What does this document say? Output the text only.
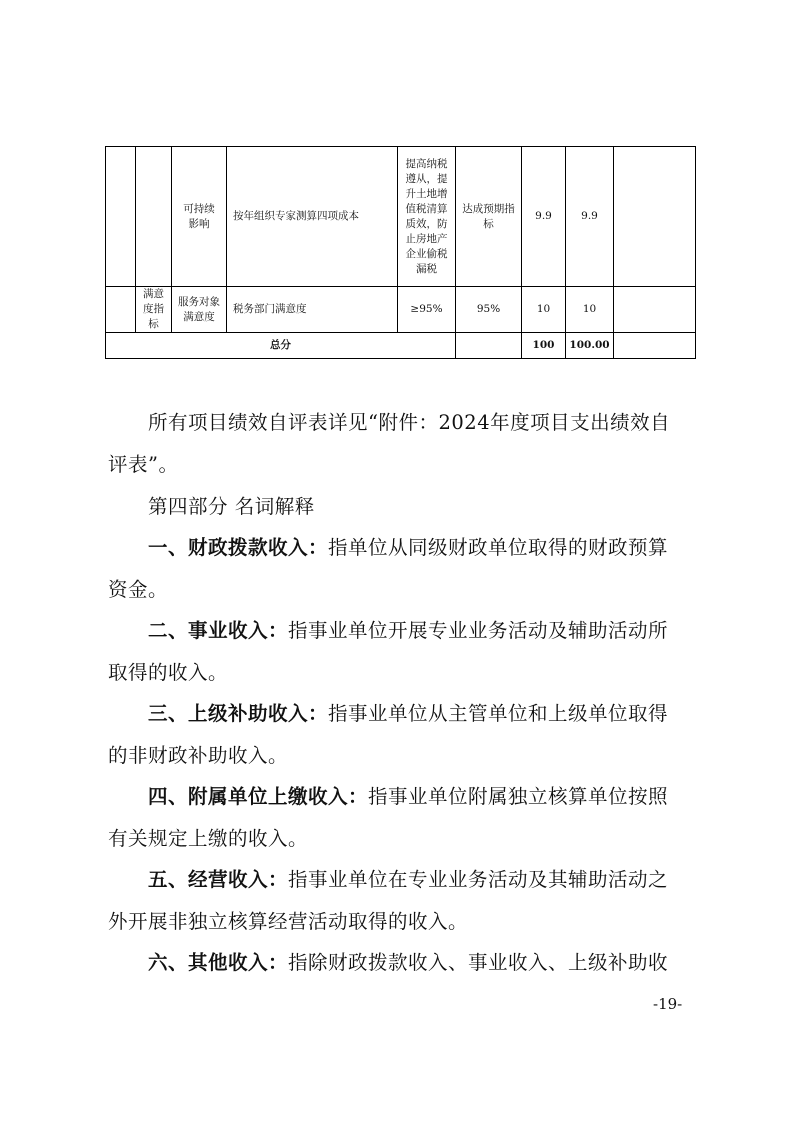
		可持续影响	按年组织专家测算四项成本	提高纳税遵从，提升土地增值税清算质效，防止房地产企业偷税漏税	达成预期指标	9.9	9.9	
	满意度指标	服务对象满意度	税务部门满意度	≥95%	95%	10	10	
总分						100	100.00	

所有项目绩效自评表详见“附件：2024年度项目支出绩效自

评表”。

第四部分 名词解释

一、财政拨款收入：指单位从同级财政单位取得的财政预算

资金。

二、事业收入：指事业单位开展专业业务活动及辅助活动所

取得的收入。

三、上级补助收入：指事业单位从主管单位和上级单位取得

的非财政补助收入。

四、附属单位上缴收入：指事业单位附属独立核算单位按照

有关规定上缴的收入。

五、经营收入：指事业单位在专业业务活动及其辅助活动之

外开展非独立核算经营活动取得的收入。

六、其他收入：指除财政拨款收入、事业收入、上级补助收

-19-
